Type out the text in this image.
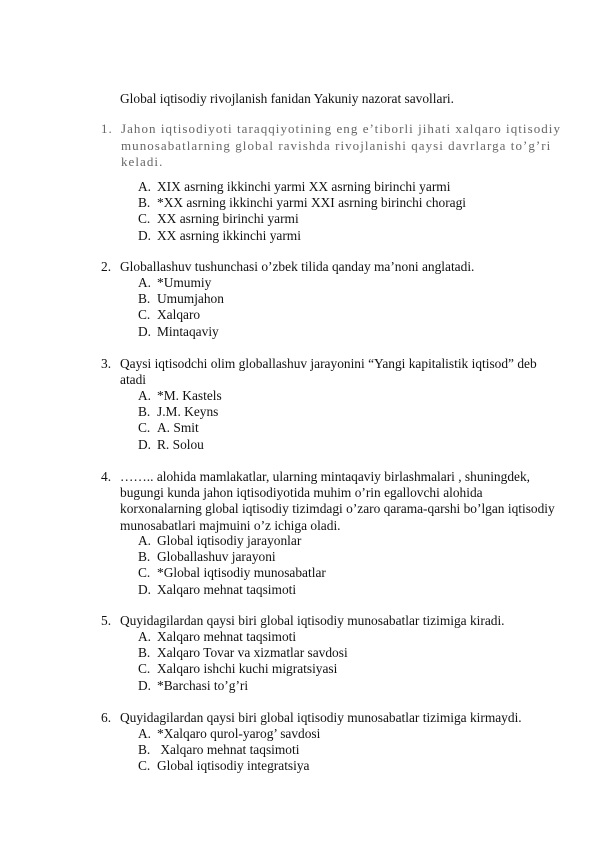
Global iqtisodiy rivojlanish fanidan Yakuniy nazorat savollari.
1. Jahon iqtisodiyoti taraqqiyotining eng e’tiborli jihati xalqaro iqtisodiy munosabatlarning global ravishda rivojlanishi qaysi davrlarga to’g’ri keladi.
A. XIX asrning ikkinchi yarmi XX asrning birinchi yarmi
B. *XX asrning ikkinchi yarmi XXI asrning birinchi choragi
C. XX asrning birinchi yarmi
D. XX asrning ikkinchi yarmi
2. Globallashuv tushunchasi o’zbek tilida qanday ma’noni anglatadi.
A. *Umumiy
B. Umumjahon
C. Xalqaro
D. Mintaqaviy
3. Qaysi iqtisodchi olim globallashuv jarayonini “Yangi kapitalistik iqtisod” deb atadi
A. *M. Kastels
B. J.M. Keyns
C. A. Smit
D. R. Solou
4. …….. alohida mamlakatlar, ularning mintaqaviy birlashmalari , shuningdek, bugungi kunda jahon iqtisodiyotida muhim o’rin egallovchi alohida korxonalarning global iqtisodiy tizimdagi o’zaro qarama-qarshi bo’lgan iqtisodiy munosabatlari majmuini o’z ichiga oladi.
A. Global iqtisodiy jarayonlar
B. Globallashuv jarayoni
C. *Global iqtisodiy munosabatlar
D. Xalqaro mehnat taqsimoti
5. Quyidagilardan qaysi biri global iqtisodiy munosabatlar tizimiga kiradi.
A. Xalqaro mehnat taqsimoti
B. Xalqaro Tovar va xizmatlar savdosi
C. Xalqaro ishchi kuchi migratsiyasi
D. *Barchasi to’g’ri
6. Quyidagilardan qaysi biri global iqtisodiy munosabatlar tizimiga kirmaydi.
A. *Xalqaro qurol-yarog’ savdosi
B. Xalqaro mehnat taqsimoti
C. Global iqtisodiy integratsiya
